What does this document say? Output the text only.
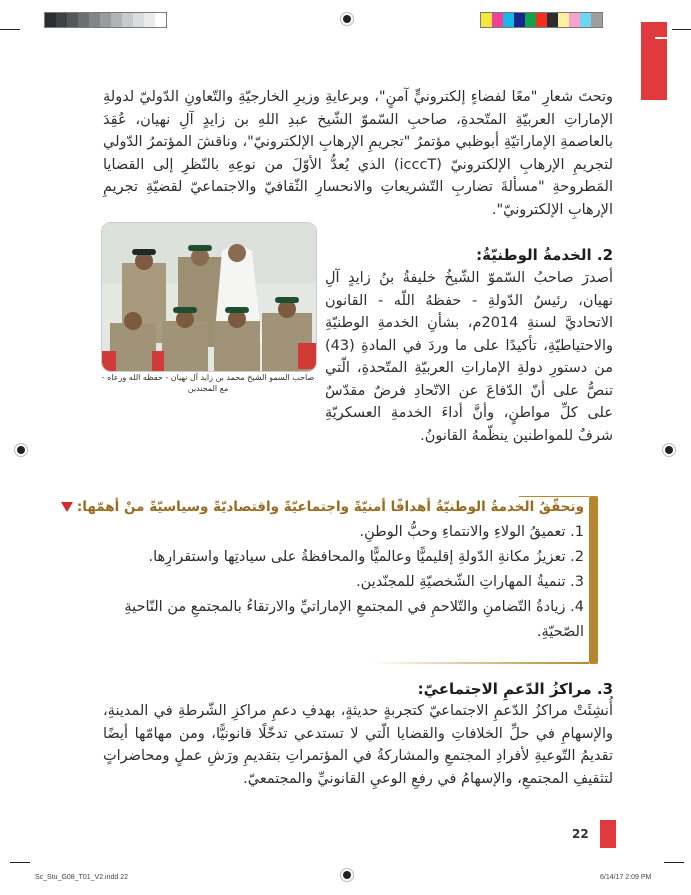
وتحتَ شعارِ "معًا لفضاءٍ إلكترونيٍّ آمنٍ"، وبرعايةِ وزيرِ الخارجيّةِ والتّعاونِ الدّوليّ لدولةِ الإماراتِ العربيّةِ المتّحدةِ، صاحبِ السّموّ الشّيخ عبدِ اللهِ بن زايدٍ آلِ نهيان، عُقِدَ بالعاصمةِ الإماراتيّةِ أبوظبي مؤتمرُ "تجريمِ الإرهابِ الإلكترونيّ"، وناقشَ المؤتمرُ الدّولي لتجريمِ الإرهابِ الإلكترونيّ (icccT) الذي يُعدُّ الأوّلَ من نوعِهِ بالنّظرِ إلى القضايا المَطروحةِ "مسألةَ تضاربِ التّشريعاتِ والانحسارِ الثّقافيّ والاجتماعيّ لقضيّةِ تجريمِ الإرهابِ الإلكترونيّ".
2. الخدمةُ الوطنيّةُ:
صاحب السمو الشيخ محمد بن زايد آل نهيان - حفظه الله ورعاه - مع المجندين
أصدرَ صاحبُ السّموّ الشّيخُ خليفةُ بنُ زايدٍ آلِ نهيان، رئيسُ الدّولةِ - حفظهُ اللّه - القانون الاتحاديَّ لسنةِ 2014م، بشأنِ الخدمةِ الوطنيّةِ والاحتياطيّةِ، تأكيدًا على ما وردَ في المادةِ (43) من دستورِ دولةِ الإماراتِ العربيّةِ المتّحدةِ، الّتي تنصُّ على أنّ الدّفاعَ عن الاتّحادِ فرضٌ مقدّسٌ على كلِّ مواطنٍ، وأنَّ أداءَ الخدمةِ العسكريّةِ شرفٌ للمواطنين ينظّمهُ القانونُ.
وتحقّقُ الخدمةُ الوطنيّةُ أهدافًا أمنيّةً واجتماعيّةً واقتصاديّةً وسياسيّةً منْ أهمّها:
1. تعميقُ الولاءِ والانتماءِ وحبُّ الوطنِ.
2. تعزيزُ مكانةِ الدّولةِ إقليميًّا وعالميًّا والمحافظةُ على سيادتِها واستقرارِها.
3. تنميةُ المهاراتِ الشّخصيّةِ للمجنّدين.
4. زيادةُ التّضامنِ والتّلاحمِ في المجتمعِ الإماراتيِّ والارتقاءُ بالمجتمعِ من النّاحيةِ الصّحيّةِ.
3. مراكزُ الدّعمِ الاجتماعيّ:
أُنشِئَتْ مراكزُ الدّعمِ الاجتماعيّ كتجربةٍ حديثةٍ، بهدفِ دعمِ مراكزِ الشّرطةِ في المدينةِ، والإسهامِ في حلِّ الخلافاتِ والقضايا الّتي لا تستدعي تدخّلًا قانونيًّا، ومن مهامّها أيضًا تقديمُ التّوعيةِ لأفرادِ المجتمعِ والمشاركةُ في المؤتمراتِ بتقديمِ ورَشِ عملٍ ومحاضراتٍ لتثقيفِ المجتمعِ، والإسهامُ في رفعِ الوعيِ القانونيِّ والمجتمعيّ.
22
Sc_Stu_G08_T01_V2.indd 22	6/14/17 2:09 PM
